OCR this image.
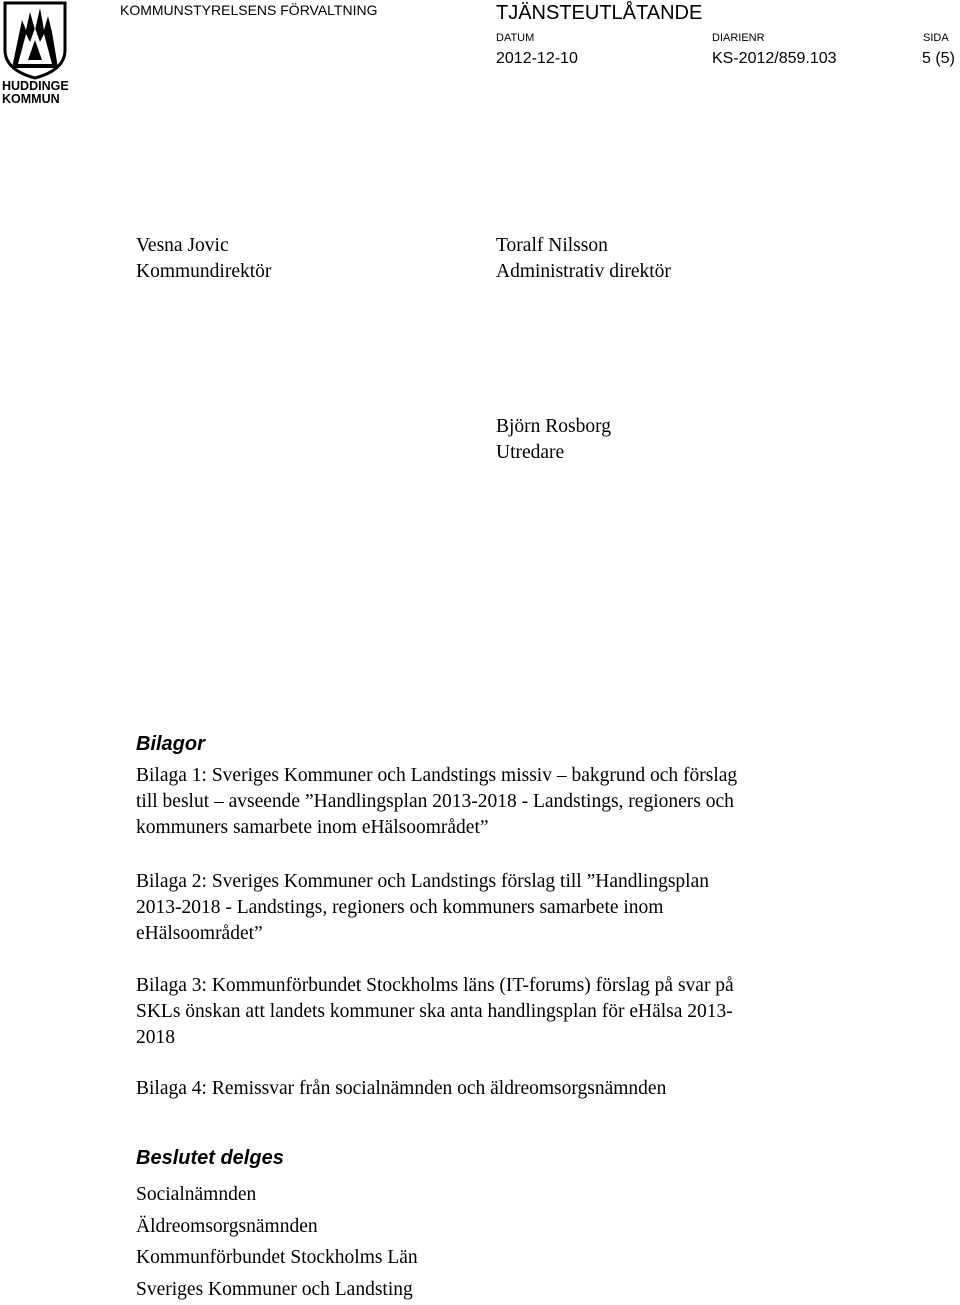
HUDDINGE
KOMMUN
KOMMUNSTYRELSENS FÖRVALTNING	TJÄNSTEUTLÅTANDE
DATUM	DIARIENR	SIDA
2012-12-10	KS-2012/859.103	5 (5)
Vesna Jovic
Kommundirektör
Toralf Nilsson
Administrativ direktör
Björn Rosborg
Utredare
Bilagor
Bilaga 1: Sveriges Kommuner och Landstings missiv – bakgrund och förslag
till beslut – avseende ”Handlingsplan 2013-2018 - Landstings, regioners och
kommuners samarbete inom eHälsoområdet”
Bilaga 2: Sveriges Kommuner och Landstings förslag till ”Handlingsplan
2013-2018 - Landstings, regioners och kommuners samarbete inom
eHälsoområdet”
Bilaga 3: Kommunförbundet Stockholms läns (IT-forums) förslag på svar på
SKLs önskan att landets kommuner ska anta handlingsplan för eHälsa 2013-
2018
Bilaga 4: Remissvar från socialnämnden och äldreomsorgsnämnden
Beslutet delges
Socialnämnden
Äldreomsorgsnämnden
Kommunförbundet Stockholms Län
Sveriges Kommuner och Landsting
